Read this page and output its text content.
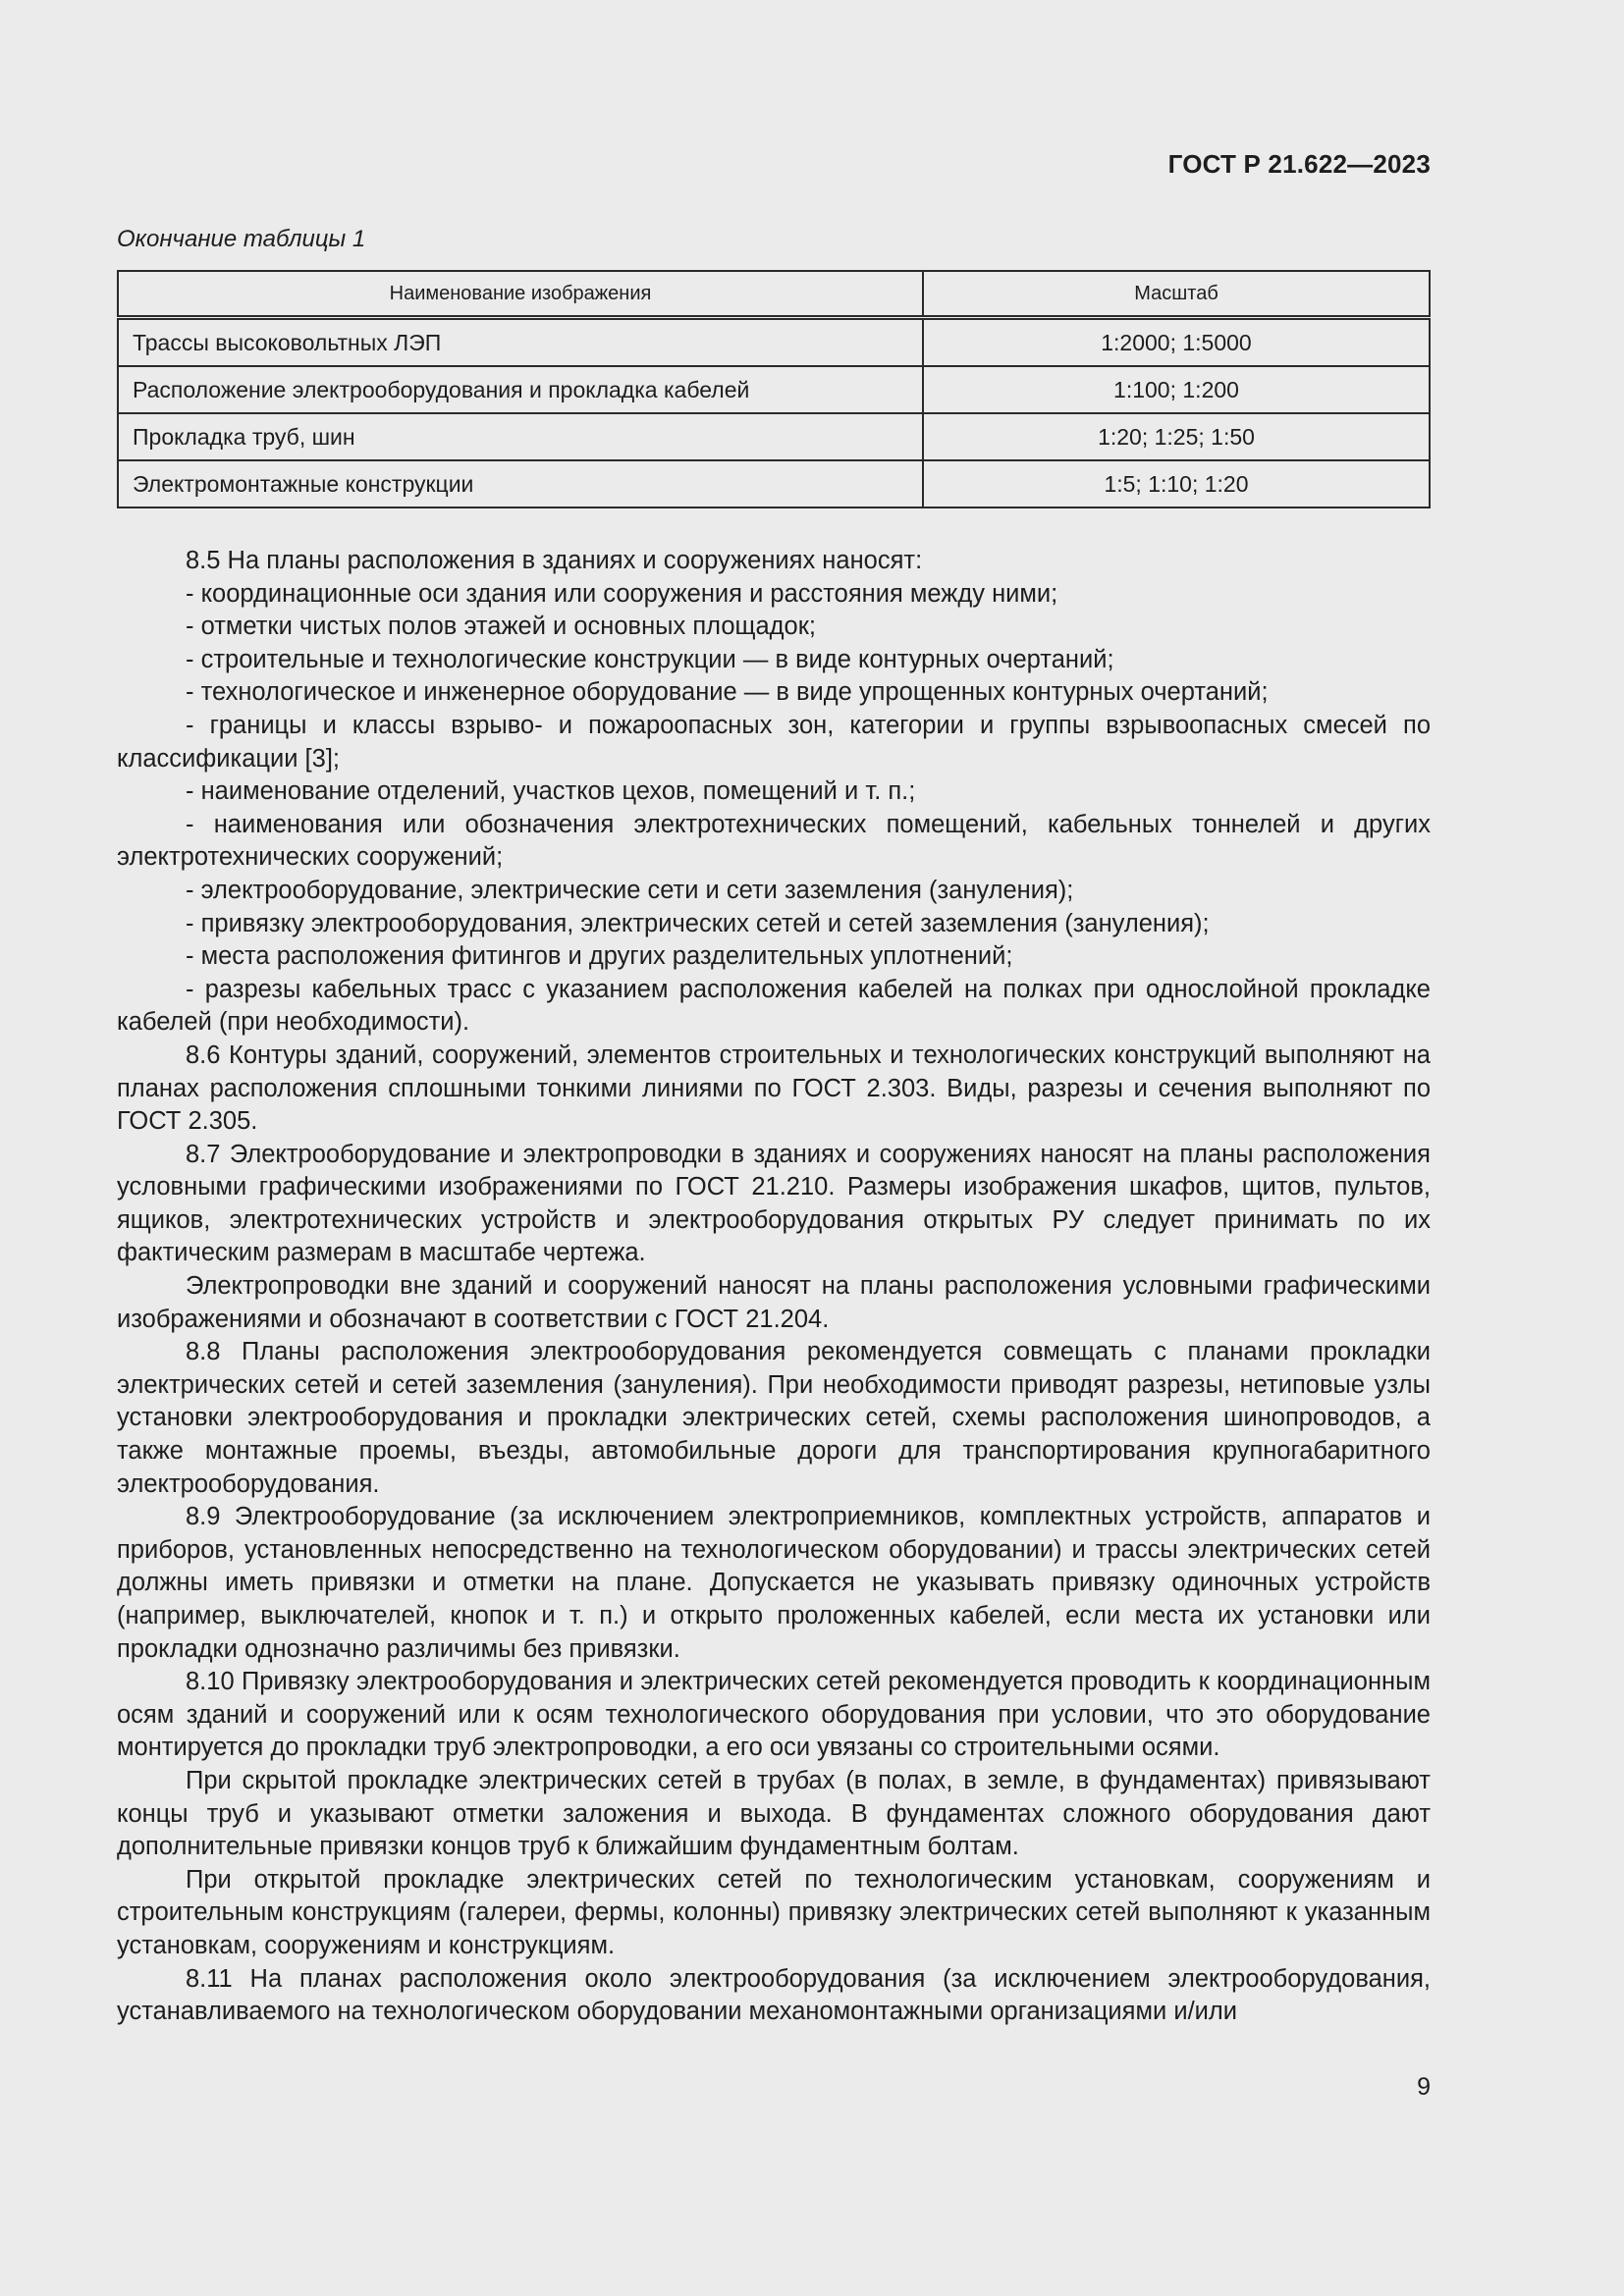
ГОСТ Р 21.622—2023
Окончание таблицы 1
Наименование изображения	Масштаб
Трассы высоковольтных ЛЭП	1:2000; 1:5000
Расположение электрооборудования и прокладка кабелей	1:100; 1:200
Прокладка труб, шин	1:20; 1:25; 1:50
Электромонтажные конструкции	1:5; 1:10; 1:20

8.5 На планы расположения в зданиях и сооружениях наносят:

- координационные оси здания или сооружения и расстояния между ними;

- отметки чистых полов этажей и основных площадок;

- строительные и технологические конструкции — в виде контурных очертаний;

- технологическое и инженерное оборудование — в виде упрощенных контурных очертаний;

- границы и классы взрыво- и пожароопасных зон, категории и группы взрывоопасных смесей по классификации [3];

- наименование отделений, участков цехов, помещений и т. п.;

- наименования или обозначения электротехнических помещений, кабельных тоннелей и других электротехнических сооружений;

- электрооборудование, электрические сети и сети заземления (зануления);

- привязку электрооборудования, электрических сетей и сетей заземления (зануления);

- места расположения фитингов и других разделительных уплотнений;

- разрезы кабельных трасс с указанием расположения кабелей на полках при однослойной прокладке кабелей (при необходимости).

8.6 Контуры зданий, сооружений, элементов строительных и технологических конструкций выполняют на планах расположения сплошными тонкими линиями по ГОСТ 2.303. Виды, разрезы и сечения выполняют по ГОСТ 2.305.

8.7 Электрооборудование и электропроводки в зданиях и сооружениях наносят на планы расположения условными графическими изображениями по ГОСТ 21.210. Размеры изображения шкафов, щитов, пультов, ящиков, электротехнических устройств и электрооборудования открытых РУ следует принимать по их фактическим размерам в масштабе чертежа.

Электропроводки вне зданий и сооружений наносят на планы расположения условными графическими изображениями и обозначают в соответствии с ГОСТ 21.204.

8.8 Планы расположения электрооборудования рекомендуется совмещать с планами прокладки электрических сетей и сетей заземления (зануления). При необходимости приводят разрезы, нетиповые узлы установки электрооборудования и прокладки электрических сетей, схемы расположения шинопроводов, а также монтажные проемы, въезды, автомобильные дороги для транспортирования крупногабаритного электрооборудования.

8.9 Электрооборудование (за исключением электроприемников, комплектных устройств, аппаратов и приборов, установленных непосредственно на технологическом оборудовании) и трассы электрических сетей должны иметь привязки и отметки на плане. Допускается не указывать привязку одиночных устройств (например, выключателей, кнопок и т. п.) и открыто проложенных кабелей, если места их установки или прокладки однозначно различимы без привязки.

8.10 Привязку электрооборудования и электрических сетей рекомендуется проводить к координационным осям зданий и сооружений или к осям технологического оборудования при условии, что это оборудование монтируется до прокладки труб электропроводки, а его оси увязаны со строительными осями.

При скрытой прокладке электрических сетей в трубах (в полах, в земле, в фундаментах) привязывают концы труб и указывают отметки заложения и выхода. В фундаментах сложного оборудования дают дополнительные привязки концов труб к ближайшим фундаментным болтам.

При открытой прокладке электрических сетей по технологическим установкам, сооружениям и строительным конструкциям (галереи, фермы, колонны) привязку электрических сетей выполняют к указанным установкам, сооружениям и конструкциям.

8.11 На планах расположения около электрооборудования (за исключением электрооборудования, устанавливаемого на технологическом оборудовании механомонтажными организациями и/или

9
